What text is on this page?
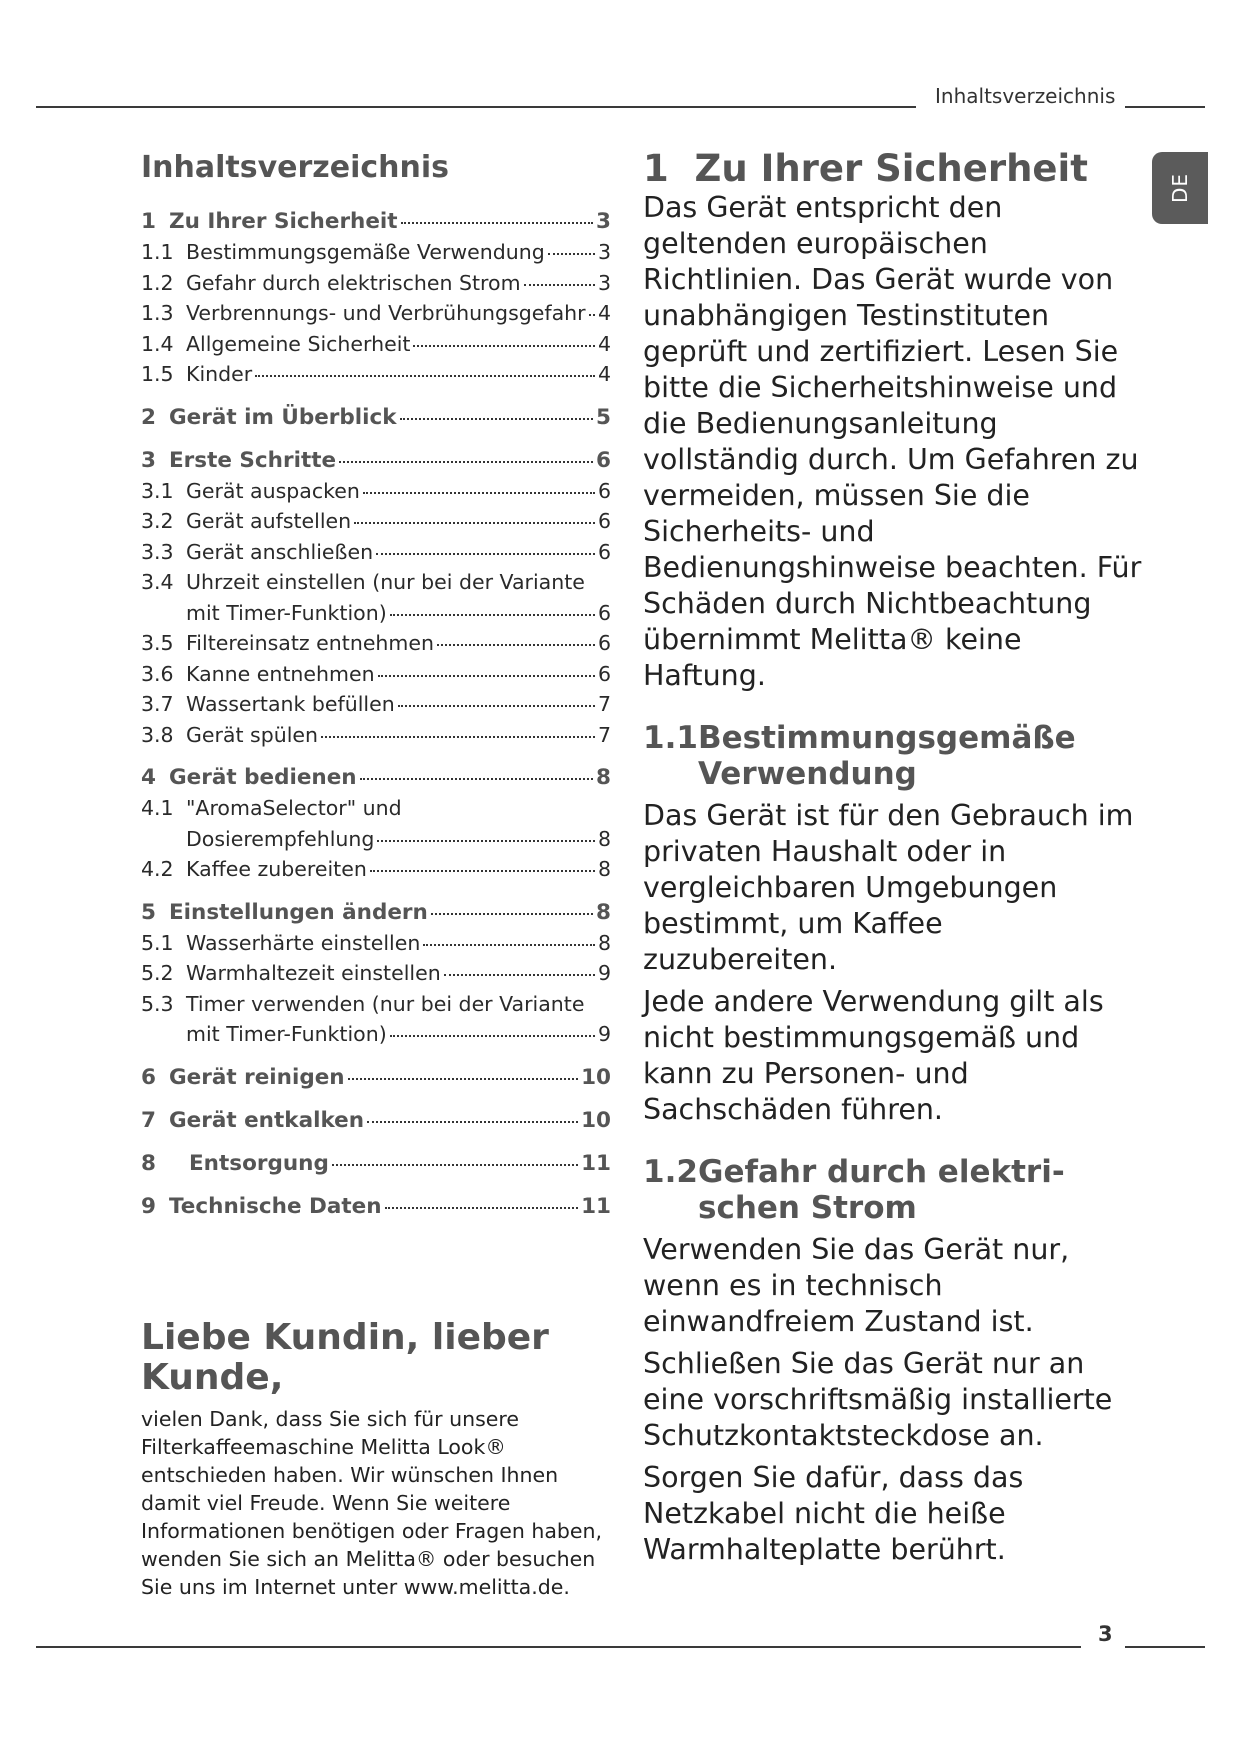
Inhaltsverzeichnis
DE
Inhaltsverzeichnis
1 Zu Ihrer Sicherheit	3
1.1 Bestimmungsgemäße Verwendung	3
1.2 Gefahr durch elektrischen Strom	3
1.3 Verbrennungs- und Verbrühungsgefahr 4
1.4 Allgemeine Sicherheit	4
1.5 Kinder	4
2 Gerät im Überblick	5
3 Erste Schritte	6
3.1 Gerät auspacken	6
3.2 Gerät aufstellen	6
3.3 Gerät anschließen	6
3.4 Uhrzeit einstellen (nur bei der Variante
mit Timer-Funktion)	6
3.5 Filtereinsatz entnehmen	6
3.6 Kanne entnehmen	6
3.7 Wassertank befüllen	7
3.8 Gerät spülen	7
4 Gerät bedienen	8
4.1 "AromaSelector" und
Dosierempfehlung	8
4.2 Kaffee zubereiten	8
5 Einstellungen ändern	8
5.1 Wasserhärte einstellen	8
5.2 Warmhaltezeit einstellen	9
5.3 Timer verwenden (nur bei der Variante
mit Timer-Funktion)	9
6 Gerät reinigen	10
7 Gerät entkalken	10
8	Entsorgung	11
9 Technische Daten	11
Liebe Kundin, lieber Kunde,
vielen Dank, dass Sie sich für unsere Filterkaffeemaschine Melitta Look® entschieden haben. Wir wünschen Ihnen damit viel Freude. Wenn Sie weitere Informationen benötigen oder Fragen haben, wenden Sie sich an Melitta® oder besuchen Sie uns im Internet unter www.melitta.de.
1 Zu Ihrer Sicherheit

Das Gerät entspricht den geltenden europäischen Richtlinien. Das Gerät wurde von unabhängigen Testinstituten geprüft und zertifiziert. Lesen Sie bitte die Sicherheitshinweise und die Bedienungsanleitung vollständig durch. Um Gefahren zu vermeiden, müssen Sie die Sicherheits- und Bedienungshinweise beachten. Für Schäden durch Nichtbeachtung übernimmt Melitta® keine Haftung.

1.1Bestimmungsgemäße
Verwendung

Das Gerät ist für den Gebrauch im privaten Haushalt oder in vergleichbaren Umgebungen bestimmt, um Kaffee zuzubereiten.

Jede andere Verwendung gilt als nicht bestimmungsgemäß und kann zu Personen- und Sachschäden führen.

1.2Gefahr durch elektri-
schen Strom

Verwenden Sie das Gerät nur, wenn es in technisch einwandfreiem Zustand ist.

Schließen Sie das Gerät nur an eine vorschriftsmäßig installierte Schutzkontaktsteckdose an.

Sorgen Sie dafür, dass das Netzkabel nicht die heiße Warmhalteplatte berührt.

3
